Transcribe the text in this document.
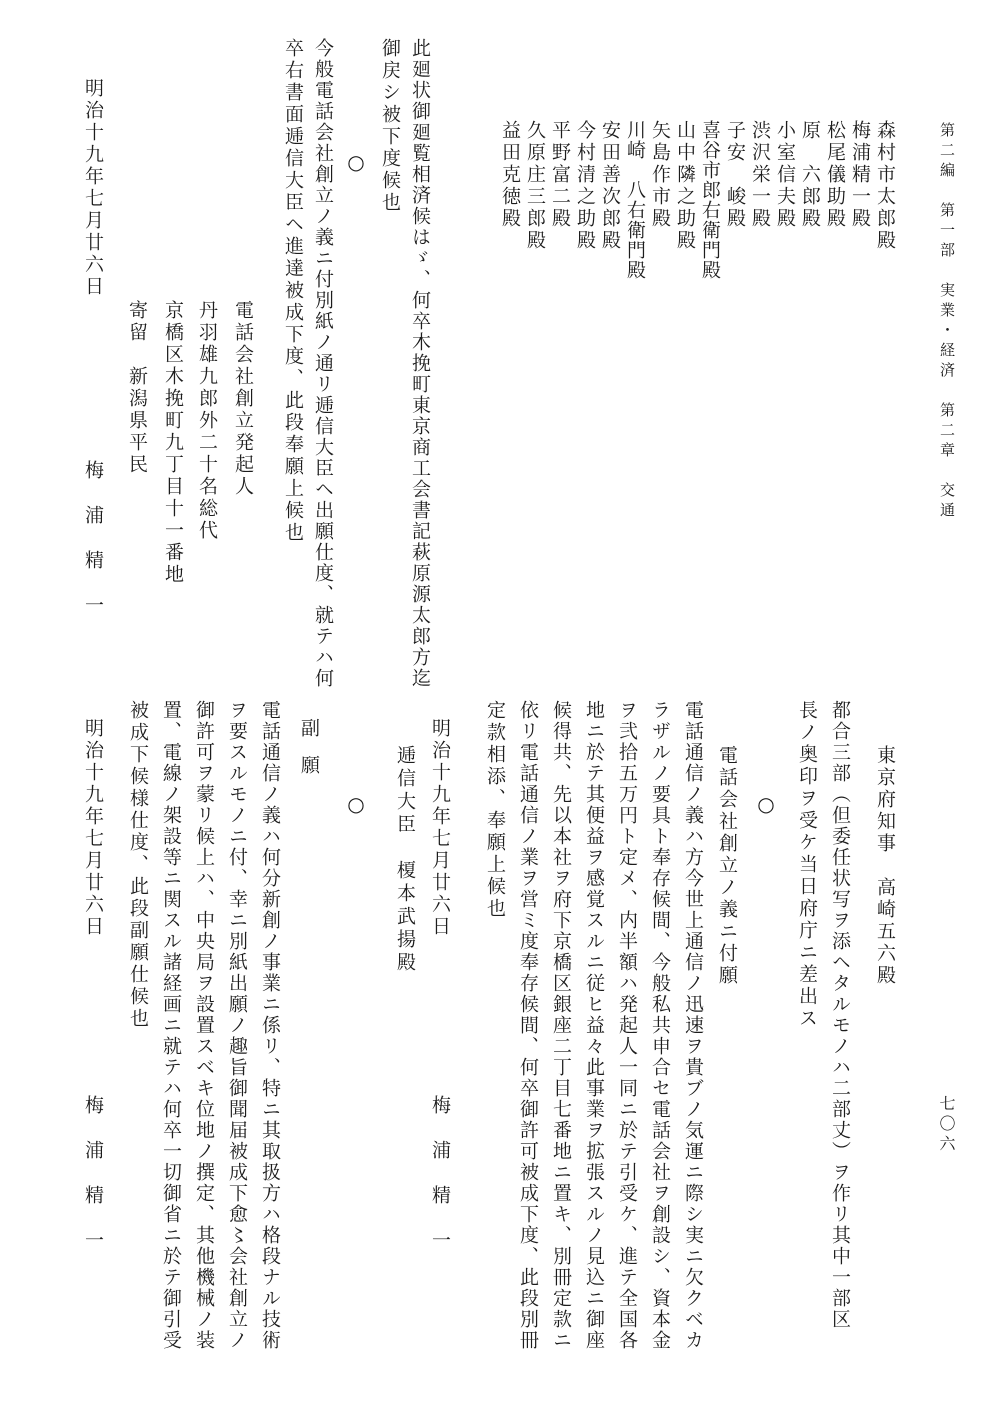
第二編　第一部　実業・経済　第二章　交通
七〇六
森村市太郎殿
梅浦精一殿
松尾儀助殿
原　六郎殿
小室信夫殿
渋沢栄一殿
子安　峻殿
喜谷市郎右衛門殿
山中隣之助殿
矢島作市殿
川崎　八右衛門殿
安田善次郎殿
今村清之助殿
平野富二殿
久原庄三郎殿
益田克徳殿
此廻状御廻覧相済候はゞ、何卒木挽町東京商工会書記萩原源太郎方迄
御戻シ被下度候也
○
今般電話会社創立ノ義ニ付別紙ノ通リ逓信大臣ヘ出願仕度、就テハ何
卒右書面逓信大臣ヘ進達被成下度、此段奉願上候也
電話会社創立発起人
丹羽雄九郎外二十名総代
京橋区木挽町九丁目十一番地
寄留　新潟県平民
明治十九年七月廿六日
梅浦精一
東京府知事　高崎五六殿
都合三部（但委任状写ヲ添ヘタルモノハ二部丈）ヲ作リ其中一部区
長ノ奥印ヲ受ケ当日府庁ニ差出ス
○
電話会社創立ノ義ニ付願
電話通信ノ義ハ方今世上通信ノ迅速ヲ貴ブノ気運ニ際シ実ニ欠クベカ
ラザルノ要具ト奉存候間、今般私共申合セ電話会社ヲ創設シ、資本金
ヲ弐拾五万円ト定メ、内半額ハ発起人一同ニ於テ引受ケ、進テ全国各
地ニ於テ其便益ヲ感覚スルニ従ヒ益々此事業ヲ拡張スルノ見込ニ御座
候得共、先以本社ヲ府下京橋区銀座二丁目七番地ニ置キ、別冊定款ニ
依リ電話通信ノ業ヲ営ミ度奉存候間、何卒御許可被成下度、此段別冊
定款相添、奉願上候也
明治十九年七月廿六日
梅浦精一
逓信大臣　榎本武揚殿
○
副願
電話通信ノ義ハ何分新創ノ事業ニ係リ、特ニ其取扱方ハ格段ナル技術
ヲ要スルモノニ付、幸ニ別紙出願ノ趣旨御聞届被成下愈〻会社創立ノ
御許可ヲ蒙リ候上ハ、中央局ヲ設置スベキ位地ノ撰定、其他機械ノ装
置、電線ノ架設等ニ関スル諸経画ニ就テハ何卒一切御省ニ於テ御引受
被成下候様仕度、此段副願仕候也
明治十九年七月廿六日
梅浦精一
